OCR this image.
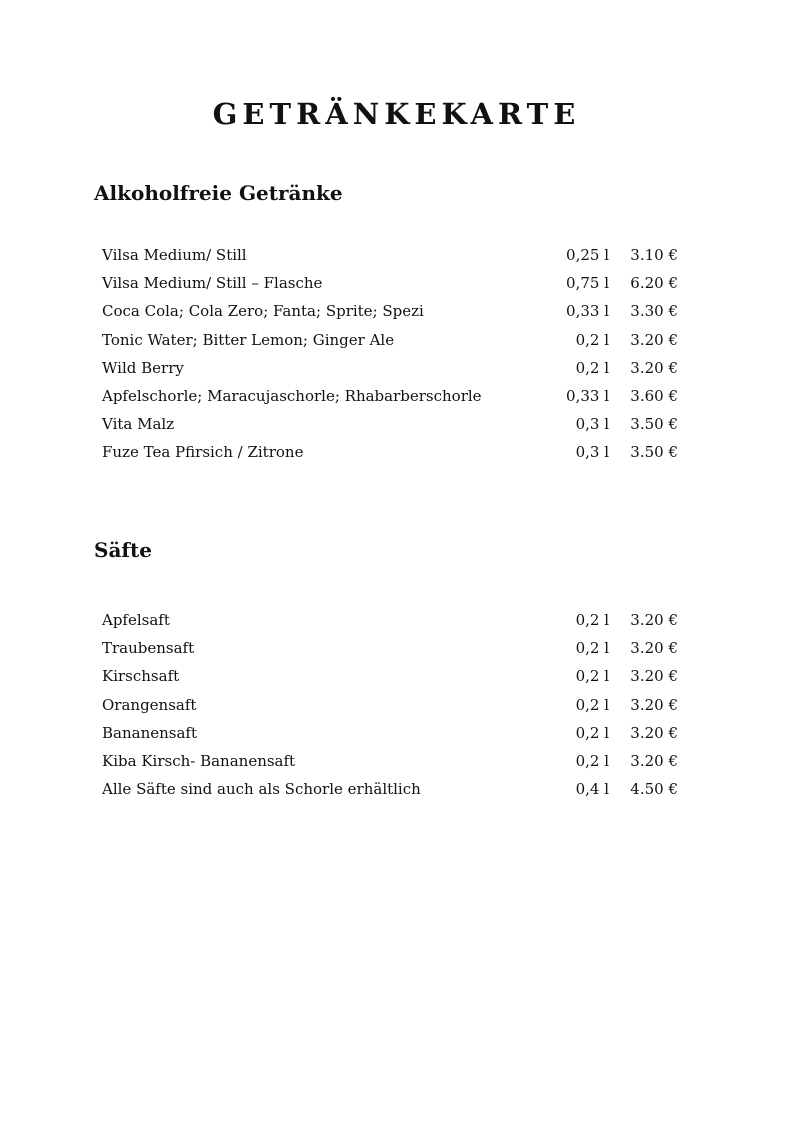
GETRÄNKEKARTE
Alkoholfreie Getränke
Vilsa Medium/ Still	0,25 l 3.10 €
Vilsa Medium/ Still – Flasche	0,75 l 6.20 €
Coca Cola; Cola Zero; Fanta; Sprite; Spezi	0,33 l 3.30 €
Tonic Water; Bitter Lemon; Ginger Ale	0,2 l 3.20 €
Wild Berry	0,2 l 3.20 €
Apfelschorle; Maracujaschorle; Rhabarberschorle	0,33 l 3.60 €
Vita Malz	0,3 l 3.50 €
Fuze Tea Pfirsich / Zitrone	0,3 l 3.50 €
Säfte
Apfelsaft	0,2 l 3.20 €
Traubensaft	0,2 l 3.20 €
Kirschsaft	0,2 l 3.20 €
Orangensaft	0,2 l 3.20 €
Bananensaft	0,2 l 3.20 €
Kiba Kirsch- Bananensaft	0,2 l 3.20 €
Alle Säfte sind auch als Schorle erhältlich	0,4 l 4.50 €
